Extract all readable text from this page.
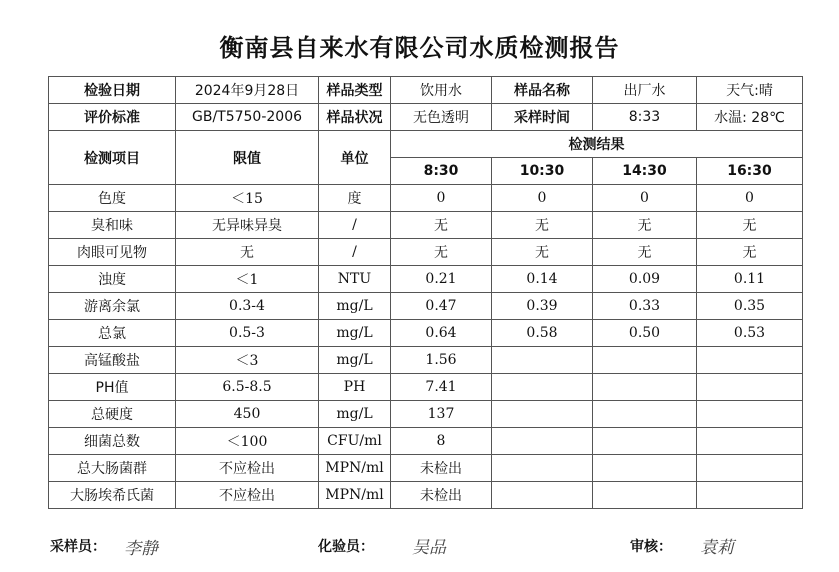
衡南县自来水有限公司水质检测报告
检验日期	2024年9月28日	样品类型	饮用水	样品名称	出厂水	天气:晴
评价标准	GB/T5750-2006	样品状况	无色透明	采样时间	8:33	水温: 28℃
检测项目	限值	单位	检测结果			
			8:30	10:30	14:30	16:30
色度	＜15	度	0	0	0	0
臭和味	无异味异臭	/	无	无	无	无
肉眼可见物	无	/	无	无	无	无
浊度	＜1	NTU	0.21	0.14	0.09	0.11
游离余氯	0.3-4	mg/L	0.47	0.39	0.33	0.35
总氯	0.5-3	mg/L	0.64	0.58	0.50	0.53
高锰酸盐	＜3	mg/L	1.56			
PH值	6.5-8.5	PH	7.41			
总硬度	450	mg/L	137			
细菌总数	＜100	CFU/ml	8			
总大肠菌群	不应检出	MPN/ml	未检出			
大肠埃希氏菌	不应检出	MPN/ml	未检出			
采样员： 李静	化验员： 吴品	审核： 袁莉
